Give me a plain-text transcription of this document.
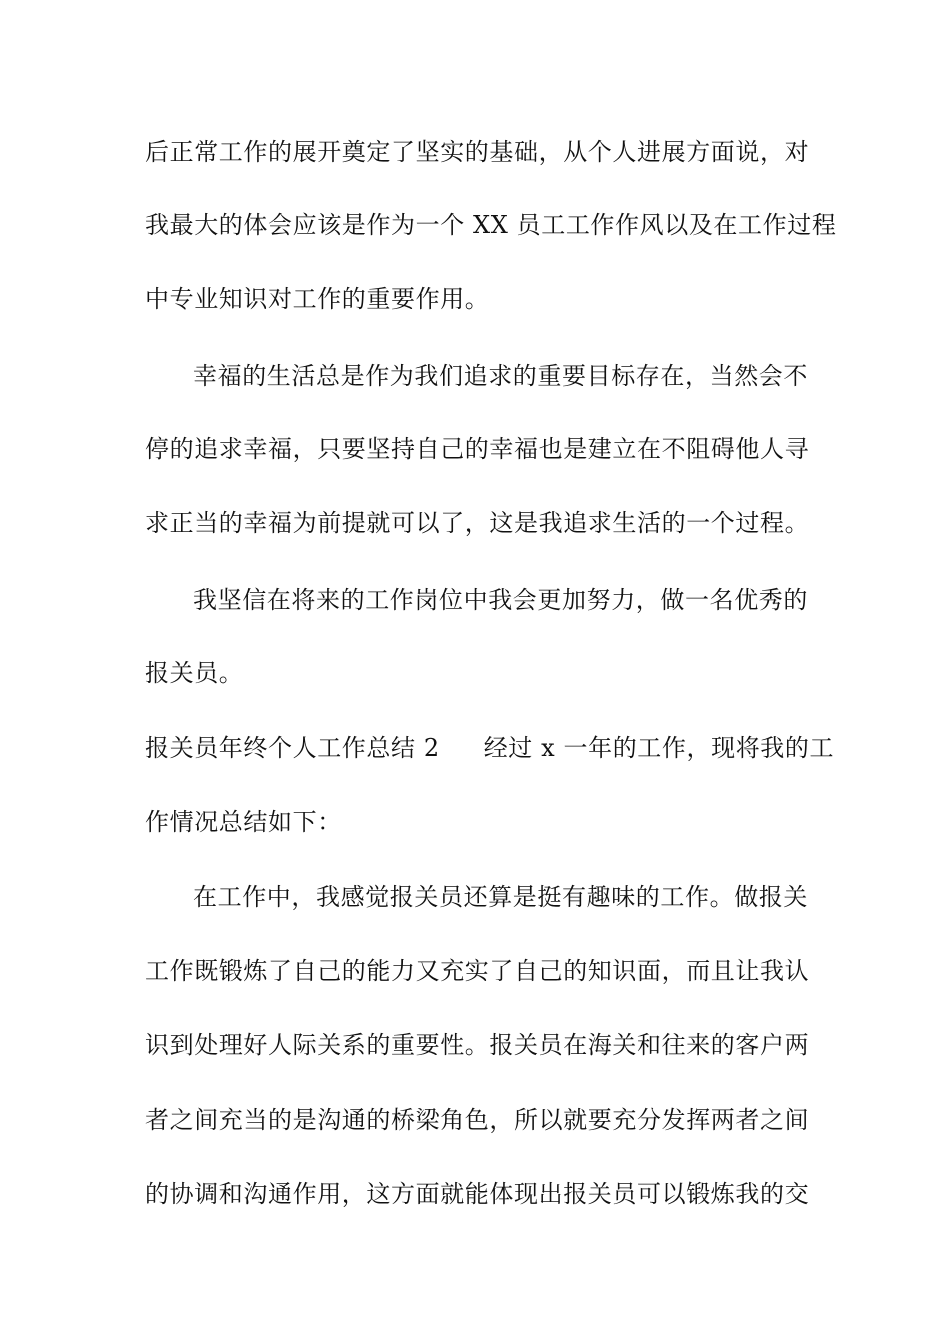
后正常工作的展开奠定了坚实的基础，从个人进展方面说，对
我最大的体会应该是作为一个 XX 员工工作作风以及在工作过程
中专业知识对工作的重要作用。
幸福的生活总是作为我们追求的重要目标存在，当然会不
停的追求幸福，只要坚持自己的幸福也是建立在不阻碍他人寻
求正当的幸福为前提就可以了，这是我追求生活的一个过程。
我坚信在将来的工作岗位中我会更加努力，做一名优秀的
报关员。
报关员年终个人工作总结 2 经过 x 一年的工作，现将我的工
作情况总结如下：
在工作中，我感觉报关员还算是挺有趣味的工作。做报关
工作既锻炼了自己的能力又充实了自己的知识面，而且让我认
识到处理好人际关系的重要性。报关员在海关和往来的客户两
者之间充当的是沟通的桥梁角色，所以就要充分发挥两者之间
的协调和沟通作用，这方面就能体现出报关员可以锻炼我的交
